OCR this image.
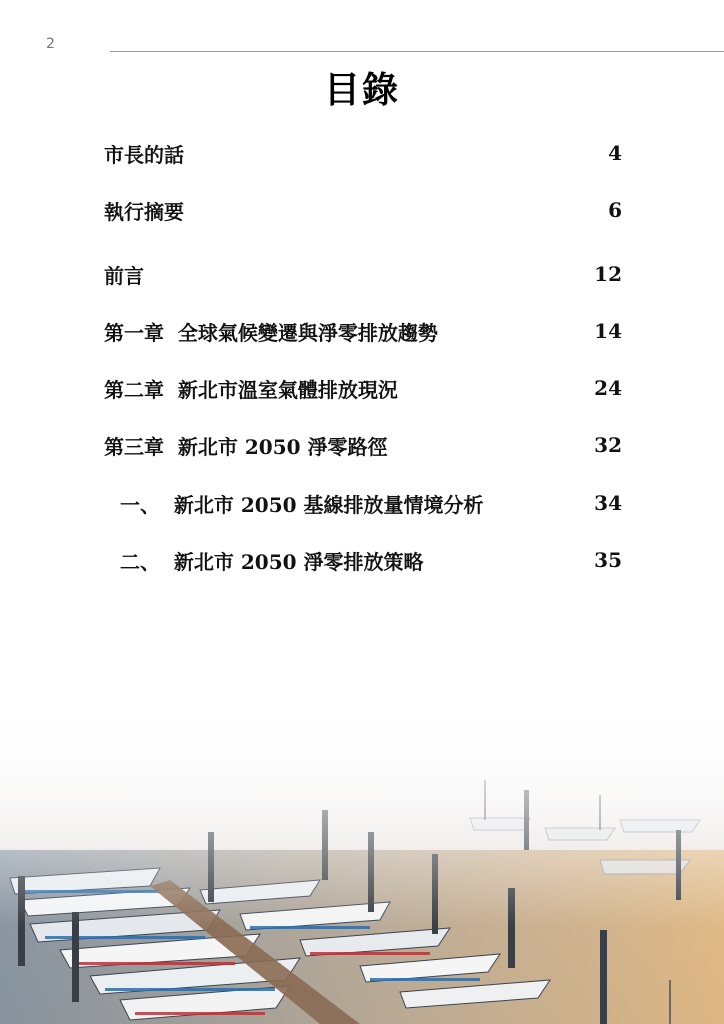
2
目錄
市長的話	4
執行摘要	6
前言	12
第一章  全球氣候變遷與淨零排放趨勢	14
第二章  新北市溫室氣體排放現況	24
第三章  新北市 2050 淨零路徑	32
一、  新北市 2050 基線排放量情境分析	34
二、  新北市 2050 淨零排放策略	35
